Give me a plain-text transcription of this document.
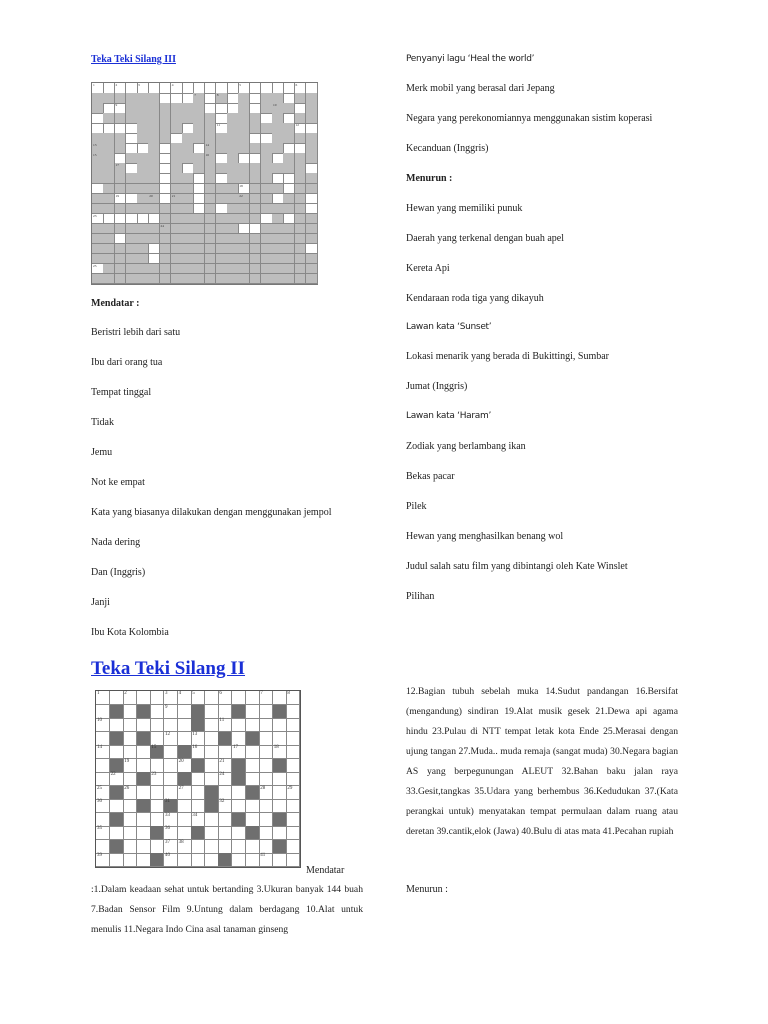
Teka Teki Silang III
1	2	3	4	5	6
7	8
9	10
11	12
13	14
15	16
17
18
19	20	21	22
23
24
25
Mendatar :
Beristri lebih dari satu
Ibu dari orang tua
Tempat tinggal
Tidak
Jemu
Not ke empat
Kata yang biasanya dilakukan dengan menggunakan jempol
Nada dering
Dan (Inggris)
Janji
Ibu Kota Kolombia
Penyanyi lagu ‘Heal the world’
Merk mobil yang berasal dari Jepang
Negara yang perekonomiannya menggunakan sistim koperasi
Kecanduan (Inggris)
Menurun :
Hewan yang memiliki punuk
Daerah yang terkenal dengan buah apel
Kereta Api
Kendaraan roda tiga yang dikayuh
Lawan kata ‘Sunset’
Lokasi menarik yang berada di Bukittingi, Sumbar
Jumat (Inggris)
Lawan kata ‘Haram’
Zodiak yang berlambang ikan
Bekas pacar
Pilek
Hewan yang menghasilkan benang wol
Judul salah satu film yang dibintangi oleh Kate Winslet
Pilihan
Teka Teki Silang II
1	2	3 4 5	6	7	8
9
10	11
12	13
14	15	16	17	18
19	20	21
22	23	24
25	26	27	28	29
30	31	32
33	34
35	36
37 38
39	40	41
Mendatar
:1.Dalam keadaan sehat untuk bertanding 3.Ukuran banyak 144 buah 7.Badan Sensor Film 9.Untung dalam berdagang 10.Alat untuk menulis 11.Negara Indo Cina asal tanaman ginseng
12.Bagian tubuh sebelah muka 14.Sudut pandangan 16.Bersifat (mengandung) sindiran 19.Alat musik gesek 21.Dewa api agama hindu 23.Pulau di NTT tempat letak kota Ende 25.Merasai dengan ujung tangan 27.Muda.. muda remaja (sangat muda) 30.Negara bagian AS yang berpegunungan ALEUT 32.Bahan baku jalan raya 33.Gesit,tangkas 35.Udara yang berhembus 36.Kedudukan 37.(Kata perangkai untuk) menyatakan tempat permulaan dalam ruang atau deretan 39.cantik,elok (Jawa) 40.Bulu di atas mata 41.Pecahan rupiah
Menurun :
